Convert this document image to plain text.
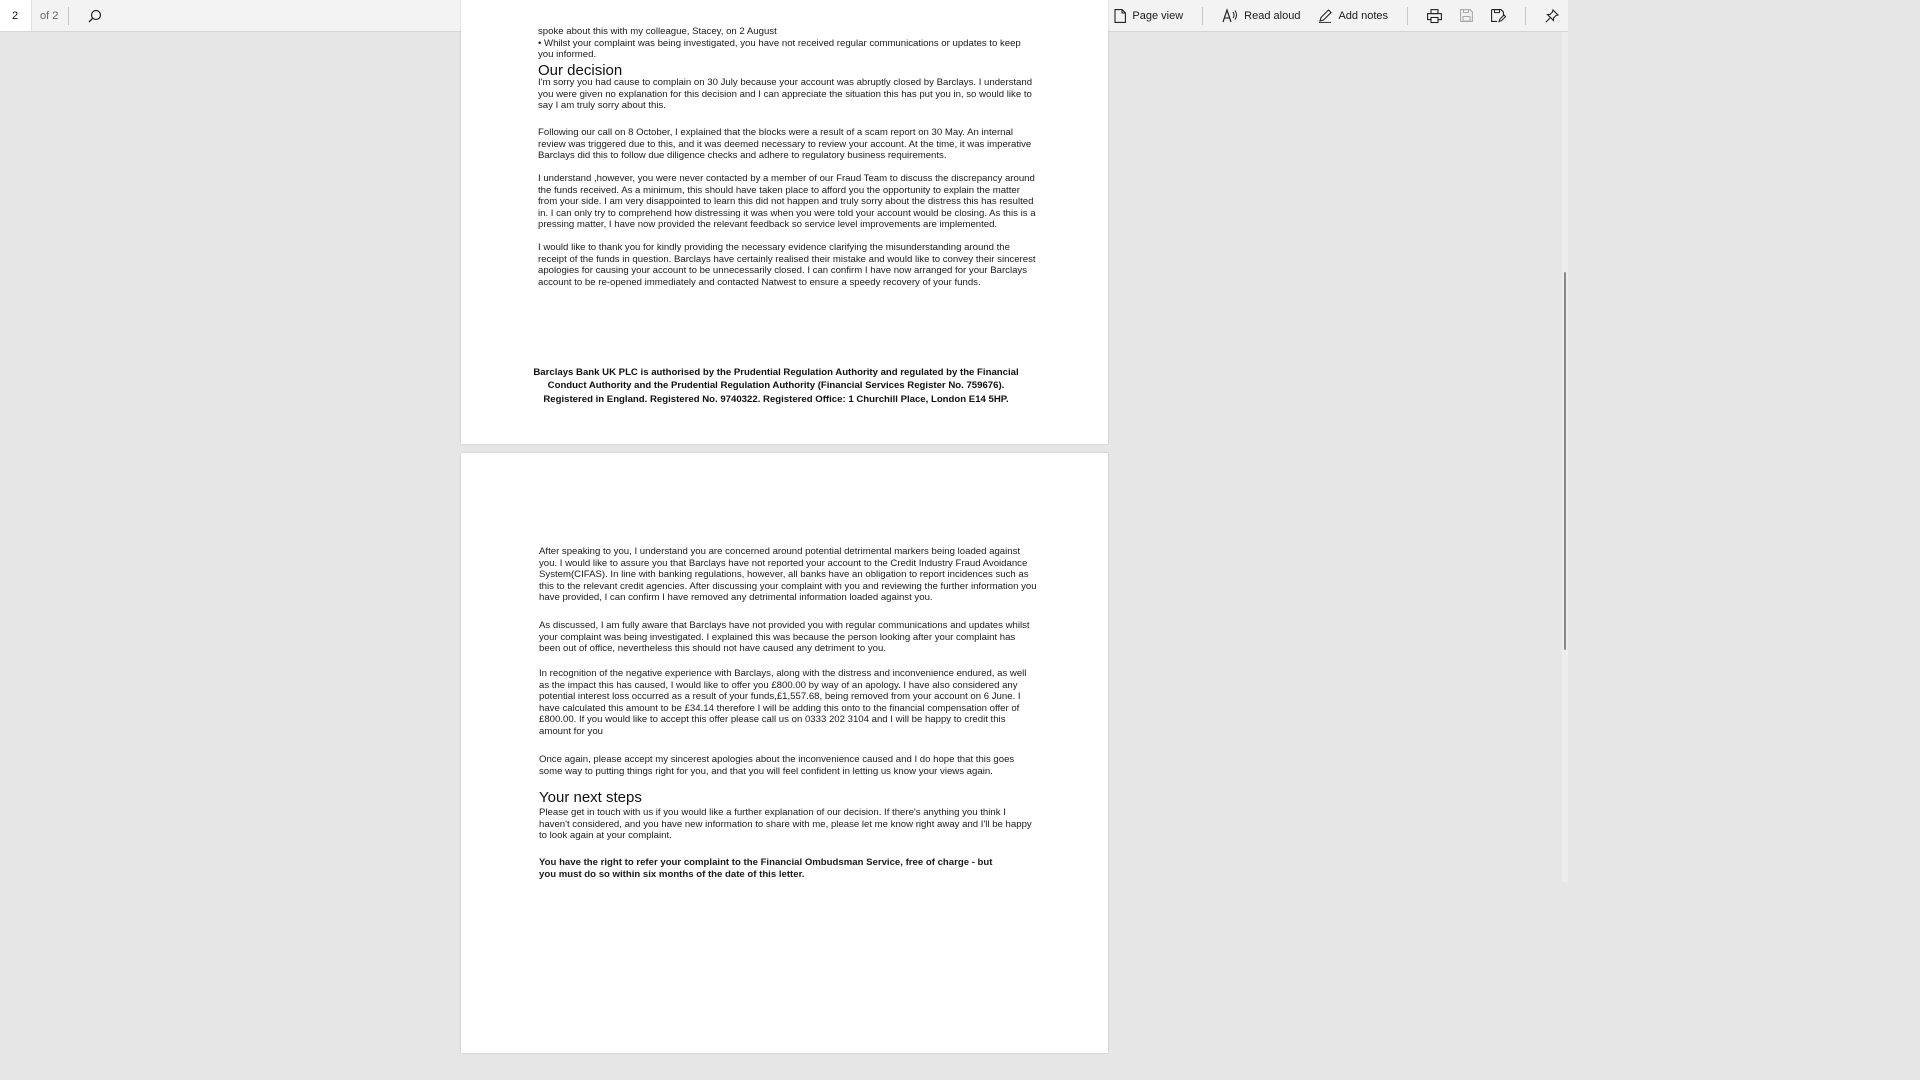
2
of 2	Page view	Read aloud	Add notes

spoke about this with my colleague, Stacey, on 2 August
• Whilst your complaint was being investigated, you have not received regular communications or updates to keep you informed.

Our decision

I'm sorry you had cause to complain on 30 July because your account was abruptly closed by Barclays. I understand you were given no explanation for this decision and I can appreciate the situation this has put you in, so would like to say I am truly sorry about this.

Following our call on 8 October, I explained that the blocks were a result of a scam report on 30 May. An internal review was triggered due to this, and it was deemed necessary to review your account. At the time, it was imperative Barclays did this to follow due diligence checks and adhere to regulatory business requirements.

I understand ,however, you were never contacted by a member of our Fraud Team to discuss the discrepancy around the funds received. As a minimum, this should have taken place to afford you the opportunity to explain the matter from your side. I am very disappointed to learn this did not happen and truly sorry about the distress this has resulted in. I can only try to comprehend how distressing it was when you were told your account would be closing. As this is a pressing matter, I have now provided the relevant feedback so service level improvements are implemented.

I would like to thank you for kindly providing the necessary evidence clarifying the misunderstanding around the receipt of the funds in question. Barclays have certainly realised their mistake and would like to convey their sincerest apologies for causing your account to be unnecessarily closed. I can confirm I have now arranged for your Barclays account to be re-opened immediately and contacted Natwest to ensure a speedy recovery of your funds.

Barclays Bank UK PLC is authorised by the Prudential Regulation Authority and regulated by the Financial Conduct Authority and the Prudential Regulation Authority (Financial Services Register No. 759676).

Registered in England. Registered No. 9740322. Registered Office: 1 Churchill Place, London E14 5HP.

After speaking to you, I understand you are concerned around potential detrimental markers being loaded against you. I would like to assure you that Barclays have not reported your account to the Credit Industry Fraud Avoidance System(CIFAS). In line with banking regulations, however, all banks have an obligation to report incidences such as this to the relevant credit agencies. After discussing your complaint with you and reviewing the further information you have provided, I can confirm I have removed any detrimental information loaded against you.

As discussed, I am fully aware that Barclays have not provided you with regular communications and updates whilst your complaint was being investigated. I explained this was because the person looking after your complaint has been out of office, nevertheless this should not have caused any detriment to you.

In recognition of the negative experience with Barclays, along with the distress and inconvenience endured, as well as the impact this has caused, I would like to offer you £800.00 by way of an apology. I have also considered any potential interest loss occurred as a result of your funds,£1,557.68, being removed from your account on 6 June. I have calculated this amount to be £34.14 therefore I will be adding this onto to the financial compensation offer of £800.00. If you would like to accept this offer please call us on 0333 202 3104 and I will be happy to credit this amount for you

Once again, please accept my sincerest apologies about the inconvenience caused and I do hope that this goes some way to putting things right for you, and that you will feel confident in letting us know your views again.

Your next steps

Please get in touch with us if you would like a further explanation of our decision. If there's anything you think I haven't considered, and you have new information to share with me, please let me know right away and I'll be happy to look again at your complaint.

You have the right to refer your complaint to the Financial Ombudsman Service, free of charge - but you must do so within six months of the date of this letter.
